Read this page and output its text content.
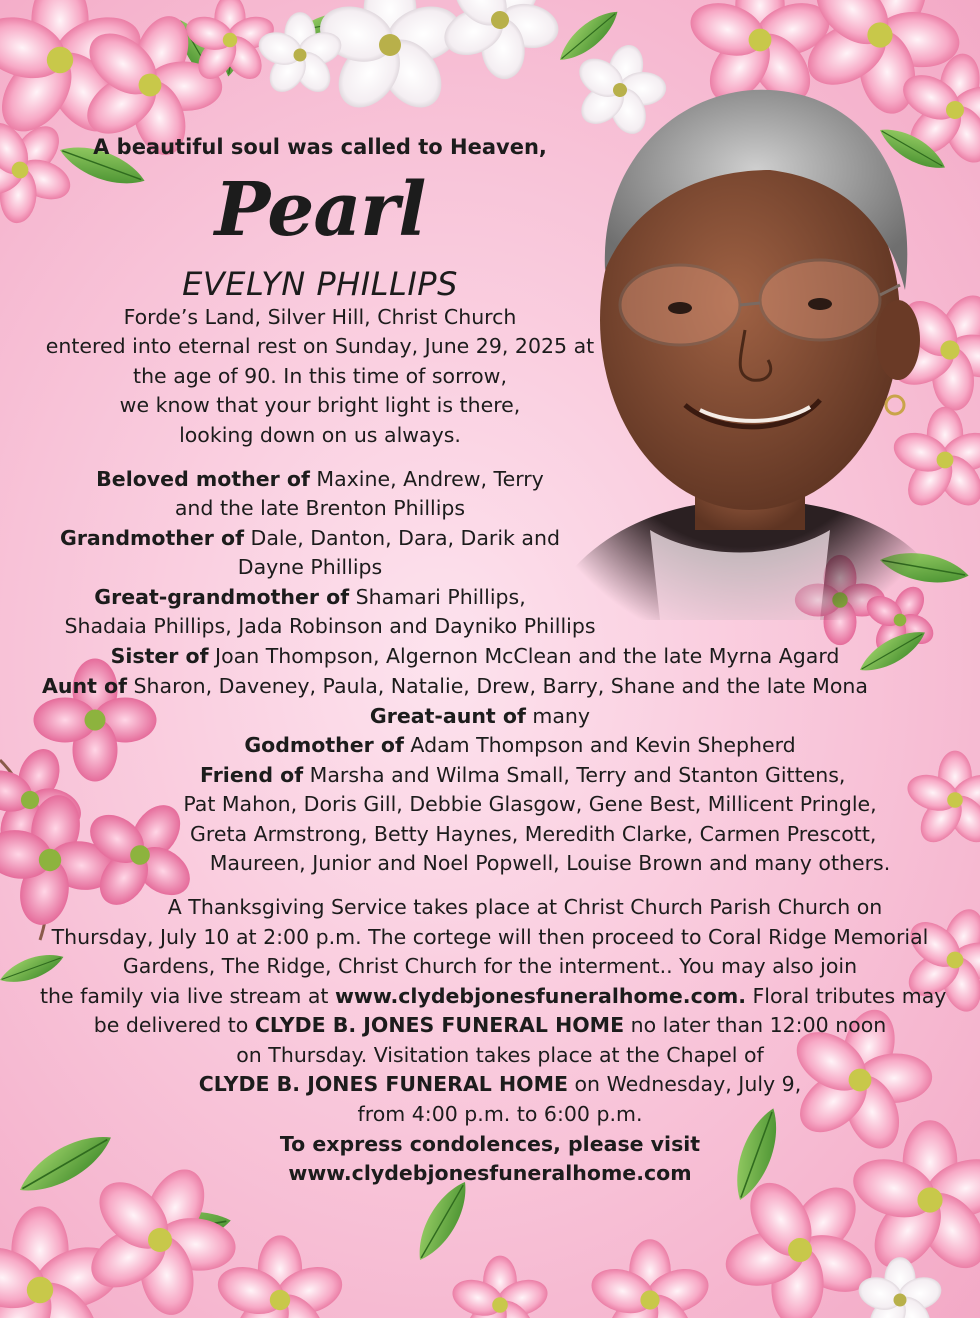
A beautiful soul was called to Heaven,
Pearl
EVELYN PHILLIPS
Forde’s Land, Silver Hill, Christ Church
entered into eternal rest on Sunday, June 29, 2025 at
the age of 90. In this time of sorrow,
we know that your bright light is there,
looking down on us always.
Beloved mother of Maxine, Andrew, Terry
and the late Brenton Phillips
Grandmother of Dale, Danton, Dara, Darik and
Dayne Phillips
Great-grandmother of Shamari Phillips,
Shadaia Phillips, Jada Robinson and Dayniko Phillips
Sister of Joan Thompson, Algernon McClean and the late Myrna Agard
Aunt of Sharon, Daveney, Paula, Natalie, Drew, Barry, Shane and the late Mona
Great-aunt of many
Godmother of Adam Thompson and Kevin Shepherd
Friend of Marsha and Wilma Small, Terry and Stanton Gittens,
Pat Mahon, Doris Gill, Debbie Glasgow, Gene Best, Millicent Pringle,
Greta Armstrong, Betty Haynes, Meredith Clarke, Carmen Prescott,
Maureen, Junior and Noel Popwell, Louise Brown and many others.
A Thanksgiving Service takes place at Christ Church Parish Church on
Thursday, July 10 at 2:00 p.m. The cortege will then proceed to Coral Ridge Memorial
Gardens, The Ridge, Christ Church for the interment.. You may also join
the family via live stream at www.clydebjonesfuneralhome.com. Floral tributes may
be delivered to CLYDE B. JONES FUNERAL HOME no later than 12:00 noon
on Thursday. Visitation takes place at the Chapel of
CLYDE B. JONES FUNERAL HOME on Wednesday, July 9,
from 4:00 p.m. to 6:00 p.m.
To express condolences, please visit
www.clydebjonesfuneralhome.com
